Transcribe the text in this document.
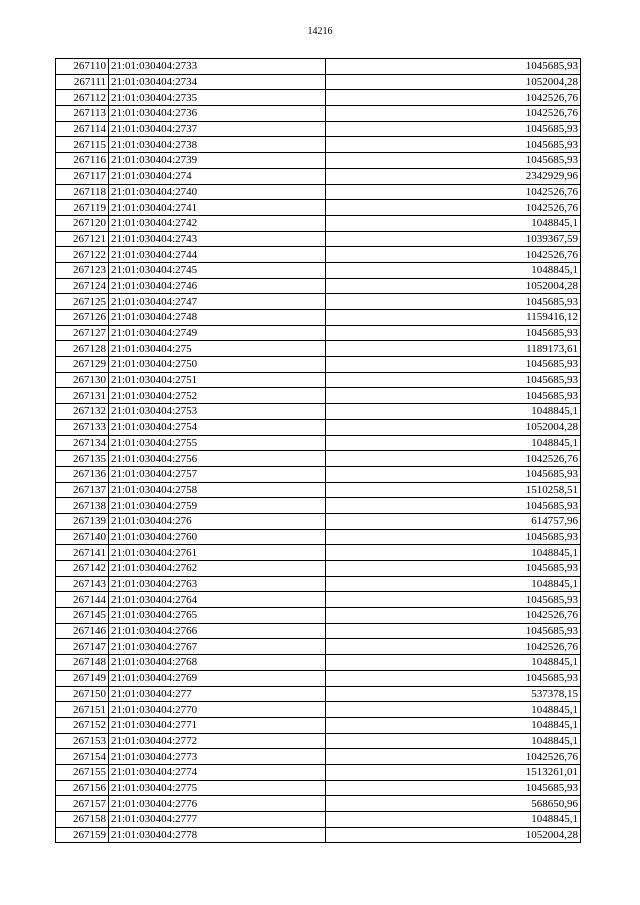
14216
267110	21:01:030404:2733	1045685,93
267111	21:01:030404:2734	1052004,28
267112	21:01:030404:2735	1042526,76
267113	21:01:030404:2736	1042526,76
267114	21:01:030404:2737	1045685,93
267115	21:01:030404:2738	1045685,93
267116	21:01:030404:2739	1045685,93
267117	21:01:030404:274	2342929,96
267118	21:01:030404:2740	1042526,76
267119	21:01:030404:2741	1042526,76
267120	21:01:030404:2742	1048845,1
267121	21:01:030404:2743	1039367,59
267122	21:01:030404:2744	1042526,76
267123	21:01:030404:2745	1048845,1
267124	21:01:030404:2746	1052004,28
267125	21:01:030404:2747	1045685,93
267126	21:01:030404:2748	1159416,12
267127	21:01:030404:2749	1045685,93
267128	21:01:030404:275	1189173,61
267129	21:01:030404:2750	1045685,93
267130	21:01:030404:2751	1045685,93
267131	21:01:030404:2752	1045685,93
267132	21:01:030404:2753	1048845,1
267133	21:01:030404:2754	1052004,28
267134	21:01:030404:2755	1048845,1
267135	21:01:030404:2756	1042526,76
267136	21:01:030404:2757	1045685,93
267137	21:01:030404:2758	1510258,51
267138	21:01:030404:2759	1045685,93
267139	21:01:030404:276	614757,96
267140	21:01:030404:2760	1045685,93
267141	21:01:030404:2761	1048845,1
267142	21:01:030404:2762	1045685,93
267143	21:01:030404:2763	1048845,1
267144	21:01:030404:2764	1045685,93
267145	21:01:030404:2765	1042526,76
267146	21:01:030404:2766	1045685,93
267147	21:01:030404:2767	1042526,76
267148	21:01:030404:2768	1048845,1
267149	21:01:030404:2769	1045685,93
267150	21:01:030404:277	537378,15
267151	21:01:030404:2770	1048845,1
267152	21:01:030404:2771	1048845,1
267153	21:01:030404:2772	1048845,1
267154	21:01:030404:2773	1042526,76
267155	21:01:030404:2774	1513261,01
267156	21:01:030404:2775	1045685,93
267157	21:01:030404:2776	568650,96
267158	21:01:030404:2777	1048845,1
267159	21:01:030404:2778	1052004,28
